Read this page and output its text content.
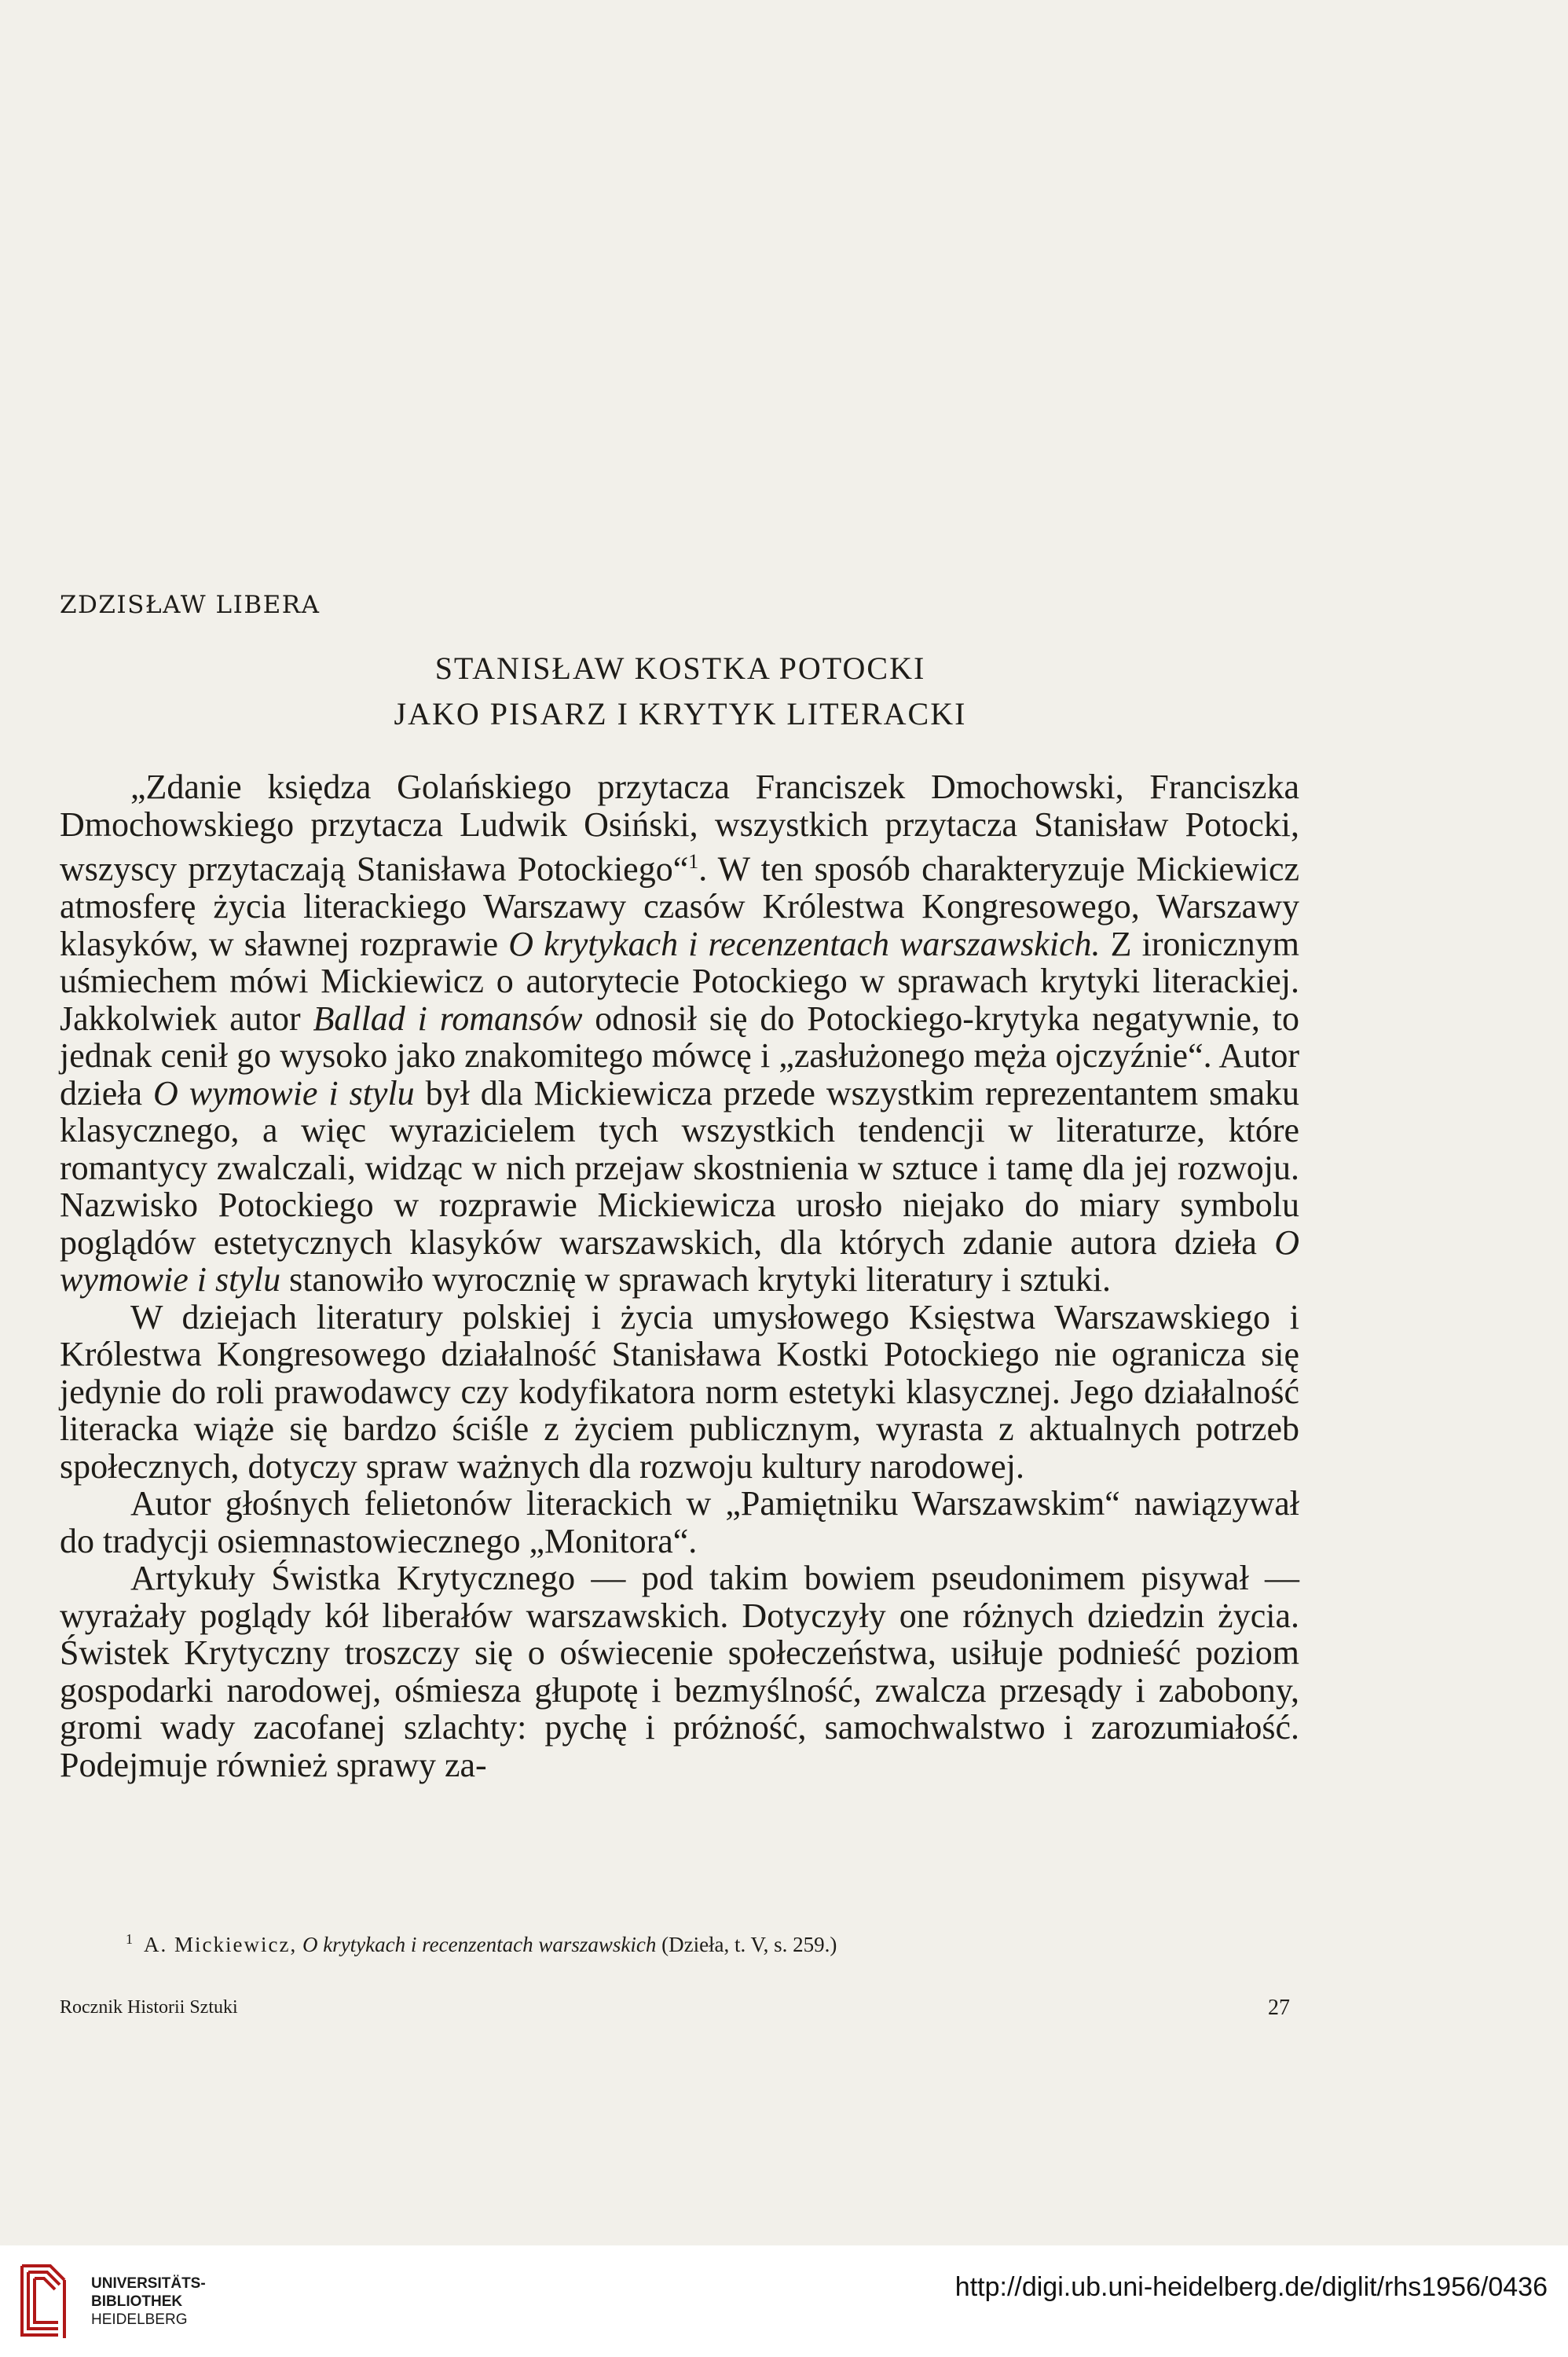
ZDZISŁAW LIBERA
STANISŁAW KOSTKA POTOCKI
JAKO PISARZ I KRYTYK LITERACKI

„Zdanie księdza Golańskiego przytacza Franciszek Dmochowski, Franciszka Dmochowskiego przytacza Ludwik Osiński, wszystkich przytacza Stanisław Potocki, wszyscy przytaczają Stanisława Potockiego“$^1$. W ten sposób charakteryzuje Mickiewicz atmosferę życia literackiego Warszawy czasów Królestwa Kongresowego, Warszawy klasyków, w sławnej rozprawie O krytykach i recenzentach warszawskich. Z ironicznym uśmiechem mówi Mickiewicz o autorytecie Potockiego w sprawach krytyki literackiej. Jakkolwiek autor Ballad i romansów odnosił się do Potockiego-krytyka negatywnie, to jednak cenił go wysoko jako znakomitego mówcę i „zasłużonego męża ojczyźnie“. Autor dzieła O wymowie i stylu był dla Mickiewicza przede wszystkim reprezentantem smaku klasycznego, a więc wyrazicielem tych wszystkich tendencji w literaturze, które romantycy zwalczali, widząc w nich przejaw skostnienia w sztuce i tamę dla jej rozwoju. Nazwisko Potockiego w rozprawie Mickiewicza urosło niejako do miary symbolu poglądów estetycznych klasyków warszawskich, dla których zdanie autora dzieła O wymowie i stylu stanowiło wyrocznię w sprawach krytyki literatury i sztuki.

W dziejach literatury polskiej i życia umysłowego Księstwa Warszawskiego i Królestwa Kongresowego działalność Stanisława Kostki Potockiego nie ogranicza się jedynie do roli prawodawcy czy kodyfikatora norm estetyki klasycznej. Jego działalność literacka wiąże się bardzo ściśle z życiem publicznym, wyrasta z aktualnych potrzeb społecznych, dotyczy spraw ważnych dla rozwoju kultury narodowej.

Autor głośnych felietonów literackich w „Pamiętniku Warszawskim“ nawiązywał do tradycji osiemnastowiecznego „Monitora“.

Artykuły Świstka Krytycznego — pod takim bowiem pseudonimem pisywał — wyrażały poglądy kół liberałów warszawskich. Dotyczyły one różnych dziedzin życia. Świstek Krytyczny troszczy się o oświecenie społeczeństwa, usiłuje podnieść poziom gospodarki narodowej, ośmiesza głupotę i bezmyślność, zwalcza przesądy i zabobony, gromi wady zacofanej szlachty: pychę i próżność, samochwalstwo i zarozumiałość. Podejmuje również sprawy za-

$^1$ A. Mickiewicz, O krytykach i recenzentach warszawskich (Dzieła, t. V, s. 259.)
Rocznik Historii Sztuki	27
UNIVERSITÄTS-
BIBLIOTHEK
HEIDELBERG
http://digi.ub.uni-heidelberg.de/diglit/rhs1956/0436
